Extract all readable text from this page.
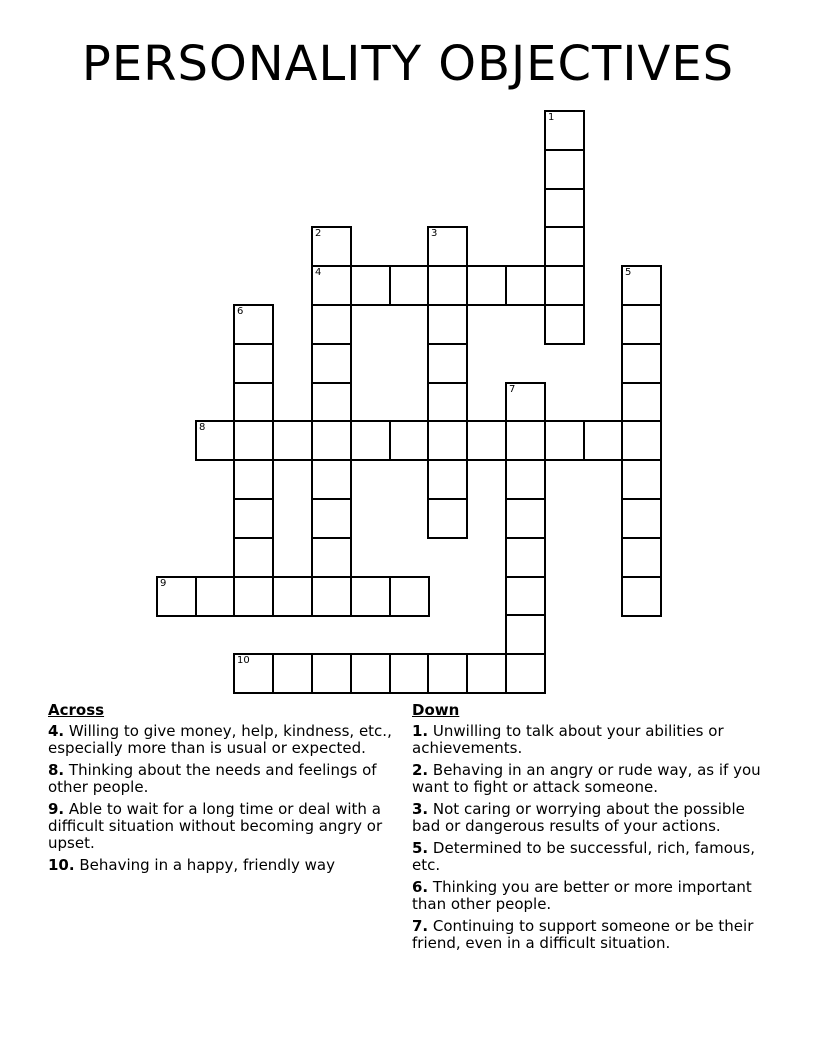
PERSONALITY OBJECTIVES
1
2	3
4	5
6
7
8
9
10
Across
4. Willing to give money, help, kindness, etc., especially more than is usual or expected.
8. Thinking about the needs and feelings of other people.
9. Able to wait for a long time or deal with a difficult situation without becoming angry or upset.
10. Behaving in a happy, friendly way
Down
1. Unwilling to talk about your abilities or achievements.
2. Behaving in an angry or rude way, as if you want to fight or attack someone.
3. Not caring or worrying about the possible bad or dangerous results of your actions.
5. Determined to be successful, rich, famous, etc.
6. Thinking you are better or more important than other people.
7. Continuing to support someone or be their friend, even in a difficult situation.
